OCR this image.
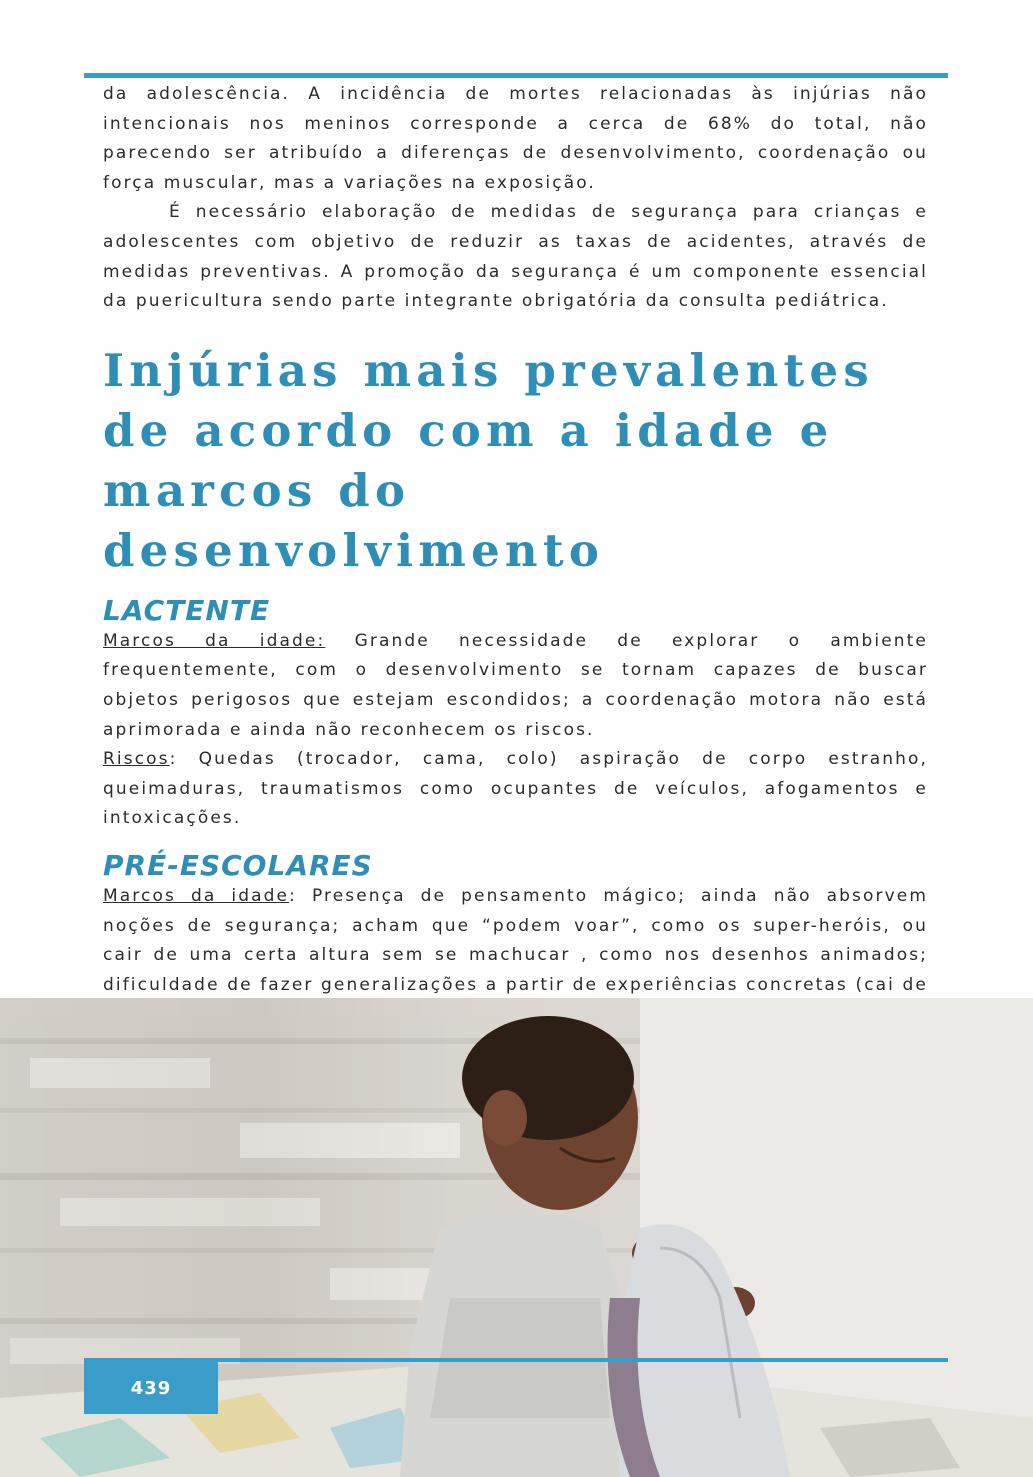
da adolescência. A incidência de mortes relacionadas às injúrias não intencionais nos meninos corresponde a cerca de 68% do total, não parecendo ser atribuído a diferenças de desenvolvimento, coordenação ou força muscular, mas a variações na exposição.

É necessário elaboração de medidas de segurança para crianças e adolescentes com objetivo de reduzir as taxas de acidentes, através de medidas preventivas. A promoção da segurança é um componente essencial da puericultura sendo parte integrante obrigatória da consulta pediátrica.

Injúrias mais prevalentes de acordo com a idade e marcos do desenvolvimento
LACTENTE

Marcos da idade: Grande necessidade de explorar o ambiente frequentemente, com o desenvolvimento se tornam capazes de buscar objetos perigosos que estejam escondidos; a coordenação motora não está aprimorada e ainda não reconhecem os riscos.

Riscos: Quedas (trocador, cama, colo) aspiração de corpo estranho, queimaduras, traumatismos como ocupantes de veículos, afogamentos e intoxicações.

PRÉ-ESCOLARES

Marcos da idade: Presença de pensamento mágico; ainda não absorvem noções de segurança; acham que “podem voar”, como os super-heróis, ou cair de uma certa altura sem se machucar , como nos desenhos animados; dificuldade de fazer generalizações a partir de experiências concretas (cai de

439
